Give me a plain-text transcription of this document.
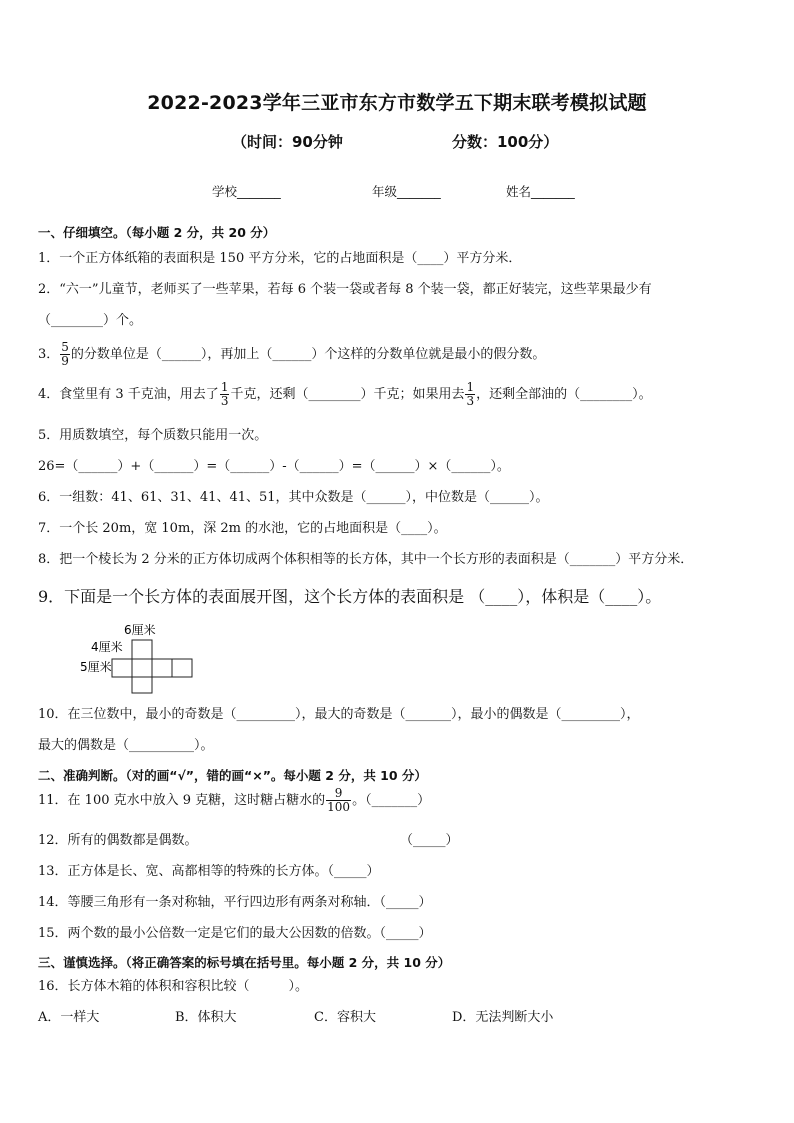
2022-2023学年三亚市东方市数学五下期末联考模拟试题
（时间：90分钟	分数：100分）
学校_______	年级_______	姓名_______
一、仔细填空。（每小题 2 分，共 20 分）
1．一个正方体纸箱的表面积是 150 平方分米，它的占地面积是（____）平方分米．
2．“六一”儿童节，老师买了一些苹果，若每 6 个装一袋或者每 8 个装一袋，都正好装完，这些苹果最少有
（________）个。
3． $\frac{5}{9}$ 的分数单位是（______），再加上（______）个这样的分数单位就是最小的假分数。
4．食堂里有 3 千克油，用去了 $\frac{1}{3}$ 千克，还剩（________）千克；如果用去 $\frac{1}{3}$ ，还剩全部油的（________）。
5．用质数填空，每个质数只能用一次。
26=（______）+（______）=（______）-（______）=（______）×（______）。
6．一组数：41、61、31、41、41、51，其中众数是（______），中位数是（______）。
7．一个长 20m，宽 10m，深 2m 的水池，它的占地面积是（____）。
8．把一个棱长为 2 分米的正方体切成两个体积相等的长方体，其中一个长方形的表面积是（_______）平方分米．
9．下面是一个长方体的表面展开图，这个长方体的表面积是 （____），体积是（____）。
6厘米
4厘米
5厘米
10．在三位数中，最小的奇数是（_________），最大的奇数是（_______），最小的偶数是（_________），
最大的偶数是（__________）。
二、准确判断。（对的画“√”，错的画“×”。每小题 2 分，共 10 分）
11．在 100 克水中放入 9 克糖，这时糖占糖水的 $\frac{9}{100}$ 。（_______）
12．所有的偶数都是偶数。	（_____）
13．正方体是长、宽、高都相等的特殊的长方体。（_____）
14．等腰三角形有一条对称轴，平行四边形有两条对称轴．（_____）
15．两个数的最小公倍数一定是它们的最大公因数的倍数。（_____）
三、谨慎选择。（将正确答案的标号填在括号里。每小题 2 分，共 10 分）
16．长方体木箱的体积和容积比较（　　　）。
A．一样大	B．体积大	C．容积大	D．无法判断大小
